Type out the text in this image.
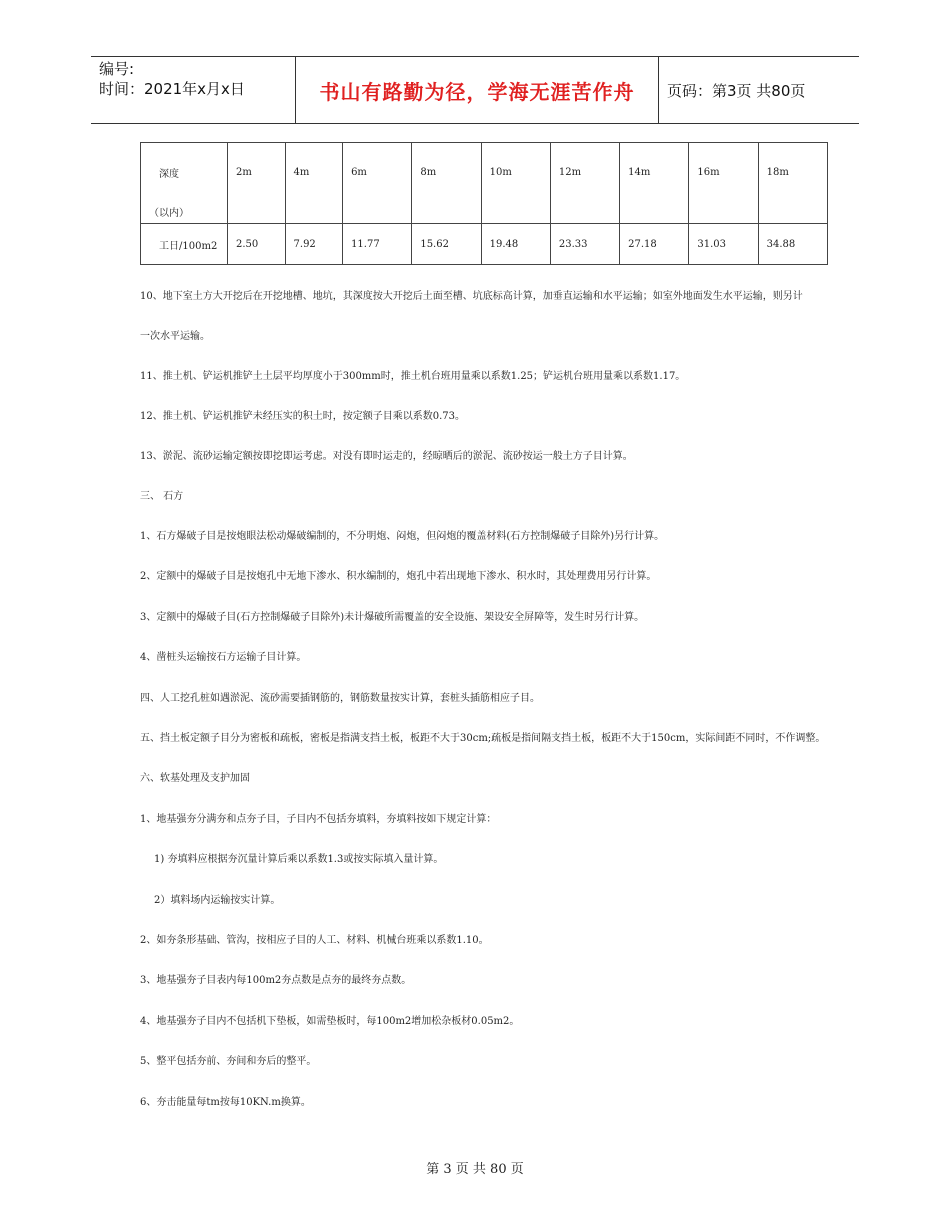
编号:
时间：2021年x月x日	书山有路勤为径，学海无涯苦作舟	页码：第3页 共80页
深度
（以内）	2m	4m	6m	8m	10m	12m	14m	16m	18m

工日/100m2	2.50	7.92	11.77	15.62	19.48	23.33	27.18	31.03	34.88
10、地下室土方大开挖后在开挖地槽、地坑，其深度按大开挖后土面至槽、坑底标高计算，加垂直运输和水平运输；如室外地面发生水平运输，则另计
一次水平运输。
11、推土机、铲运机推铲土土层平均厚度小于300mm时，推土机台班用量乘以系数1.25；铲运机台班用量乘以系数1.17。
12、推土机、铲运机推铲未经压实的积土时，按定额子目乘以系数0.73。
13、淤泥、流砂运输定额按即挖即运考虑。对没有即时运走的，经晾晒后的淤泥、流砂按运一般土方子目计算。
三、 石方
1、石方爆破子目是按炮眼法松动爆破编制的，不分明炮、闷炮，但闷炮的覆盖材料(石方控制爆破子目除外)另行计算。
2、定额中的爆破子目是按炮孔中无地下渗水、积水编制的，炮孔中若出现地下渗水、积水时，其处理费用另行计算。
3、定额中的爆破子目(石方控制爆破子目除外)未计爆破所需覆盖的安全设施、架设安全屏障等，发生时另行计算。
4、凿桩头运输按石方运输子目计算。
四、人工挖孔桩如遇淤泥、流砂需要插钢筋的，钢筋数量按实计算，套桩头插筋相应子目。
五、挡土板定额子目分为密板和疏板，密板是指满支挡土板，板距不大于30cm;疏板是指间隔支挡土板，板距不大于150cm，实际间距不同时，不作调整。
六、软基处理及支护加固
1、地基强夯分满夯和点夯子目，子目内不包括夯填料，夯填料按如下规定计算：
1) 夯填料应根据夯沉量计算后乘以系数1.3或按实际填入量计算。
2）填料场内运输按实计算。
2、如夯条形基础、管沟，按相应子目的人工、材料、机械台班乘以系数1.10。
3、地基强夯子目表内每100m2夯点数是点夯的最终夯点数。
4、地基强夯子目内不包括机下垫板，如需垫板时，每100m2增加松杂板材0.05m2。
5、整平包括夯前、夯间和夯后的整平。
6、夯击能量每tm按每10KN.m换算。
第 3 页 共 80 页
